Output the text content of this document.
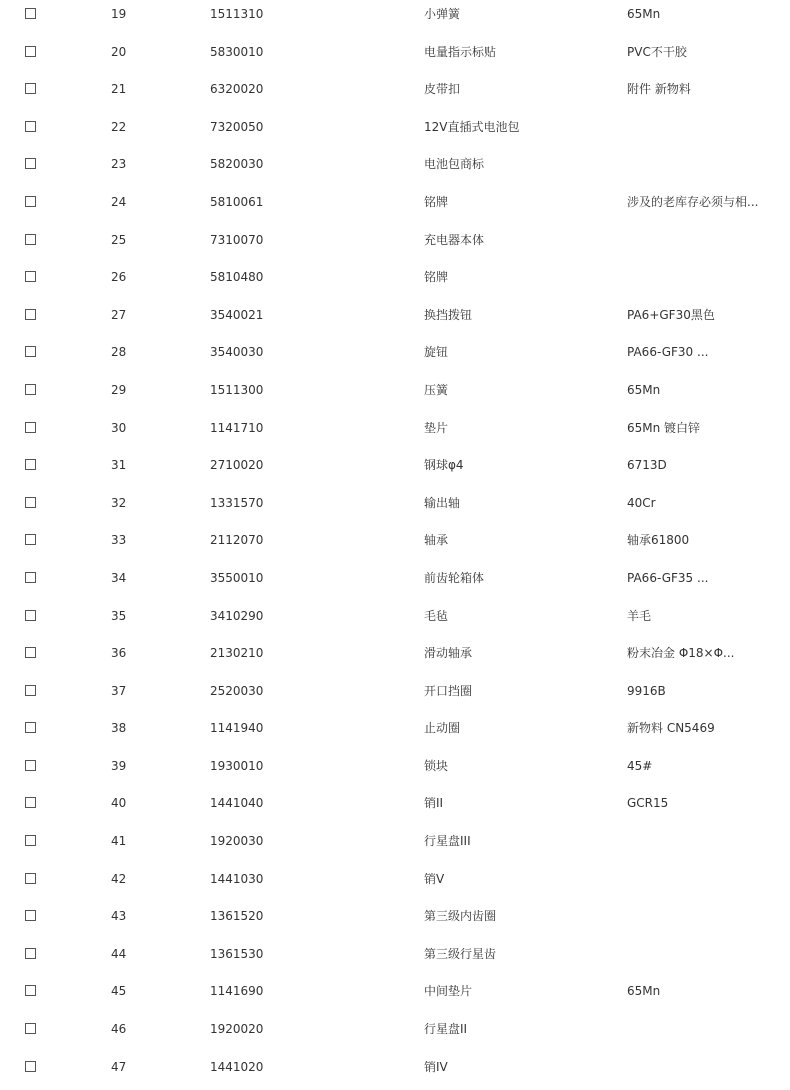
19	1511310	小弹簧	65Mn
20	5830010	电量指示标贴	PVC不干胶
21	6320020	皮带扣	附件 新物料
22	7320050	12V直插式电池包
23	5820030	电池包商标
24	5810061	铭牌	涉及的老库存必须与相...
25	7310070	充电器本体
26	5810480	铭牌
27	3540021	换挡拨钮	PA6+GF30黑色
28	3540030	旋钮	PA66-GF30 ...
29	1511300	压簧	65Mn
30	1141710	垫片	65Mn 镀白锌
31	2710020	钢球φ4	6713D
32	1331570	输出轴	40Cr
33	2112070	轴承	轴承61800
34	3550010	前齿轮箱体	PA66-GF35 ...
35	3410290	毛毡	羊毛
36	2130210	滑动轴承	粉末冶金 Φ18×Φ...
37	2520030	开口挡圈	9916B
38	1141940	止动圈	新物料 CN5469
39	1930010	锁块	45#
40	1441040	销II	GCR15
41	1920030	行星盘III
42	1441030	销V
43	1361520	第三级内齿圈
44	1361530	第三级行星齿
45	1141690	中间垫片	65Mn
46	1920020	行星盘II
47	1441020	销IV
